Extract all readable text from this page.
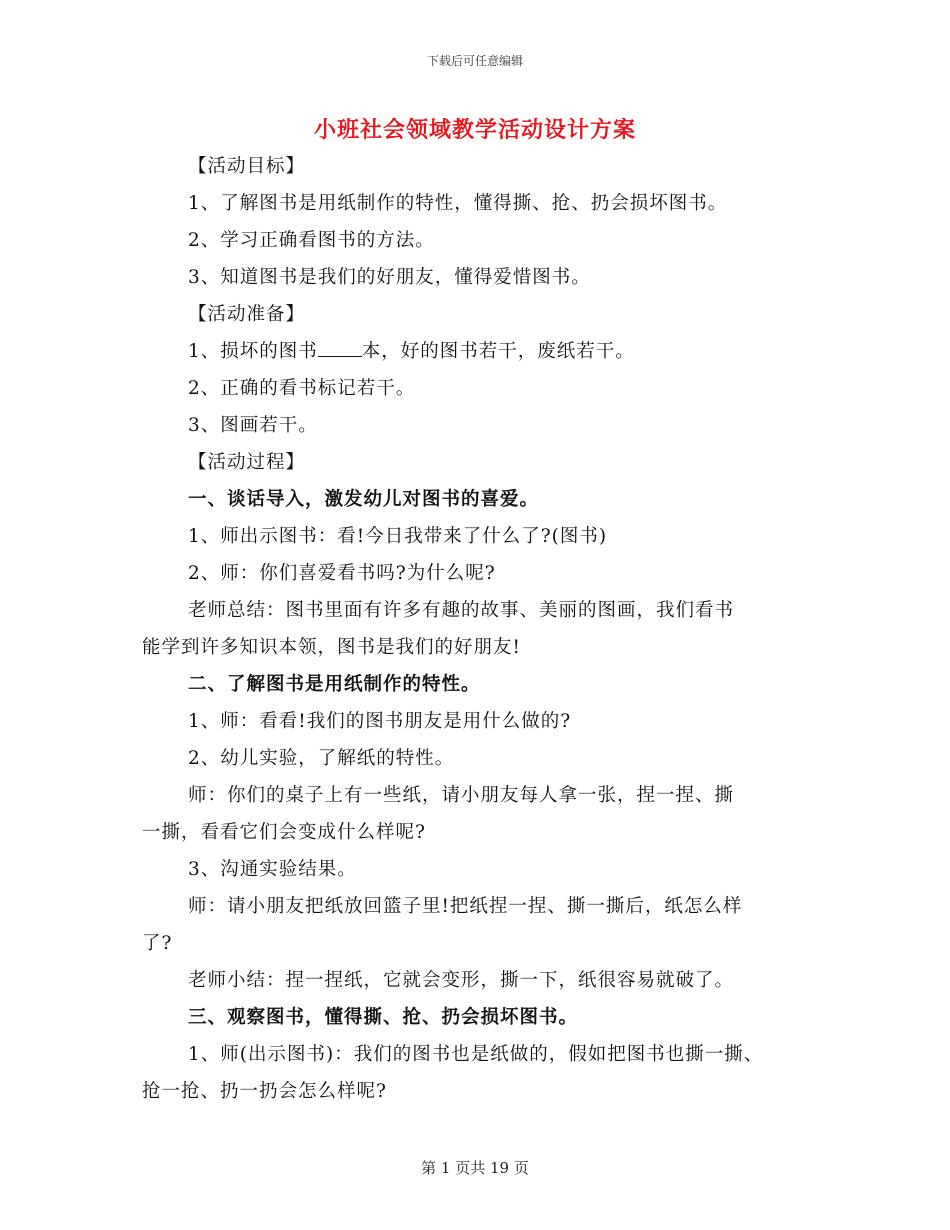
下载后可任意编辑
小班社会领域教学活动设计方案
【活动目标】
1、了解图书是用纸制作的特性，懂得撕、抢、扔会损坏图书。
2、学习正确看图书的方法。
3、知道图书是我们的好朋友，懂得爱惜图书。
【活动准备】
1、损坏的图书 本，好的图书若干，废纸若干。
2、正确的看书标记若干。
3、图画若干。
【活动过程】
一、谈话导入，激发幼儿对图书的喜爱。
1、师出示图书：看!今日我带来了什么了?(图书)
2、师：你们喜爱看书吗?为什么呢?
老师总结：图书里面有许多有趣的故事、美丽的图画，我们看书
能学到许多知识本领，图书是我们的好朋友!
二、了解图书是用纸制作的特性。
1、师：看看!我们的图书朋友是用什么做的?
2、幼儿实验，了解纸的特性。
师：你们的桌子上有一些纸，请小朋友每人拿一张，捏一捏、撕
一撕，看看它们会变成什么样呢?
3、沟通实验结果。
师：请小朋友把纸放回篮子里!把纸捏一捏、撕一撕后，纸怎么样
了?
老师小结：捏一捏纸，它就会变形，撕一下，纸很容易就破了。
三、观察图书，懂得撕、抢、扔会损坏图书。
1、师(出示图书)：我们的图书也是纸做的，假如把图书也撕一撕、
抢一抢、扔一扔会怎么样呢?
第 1 页共 19 页
